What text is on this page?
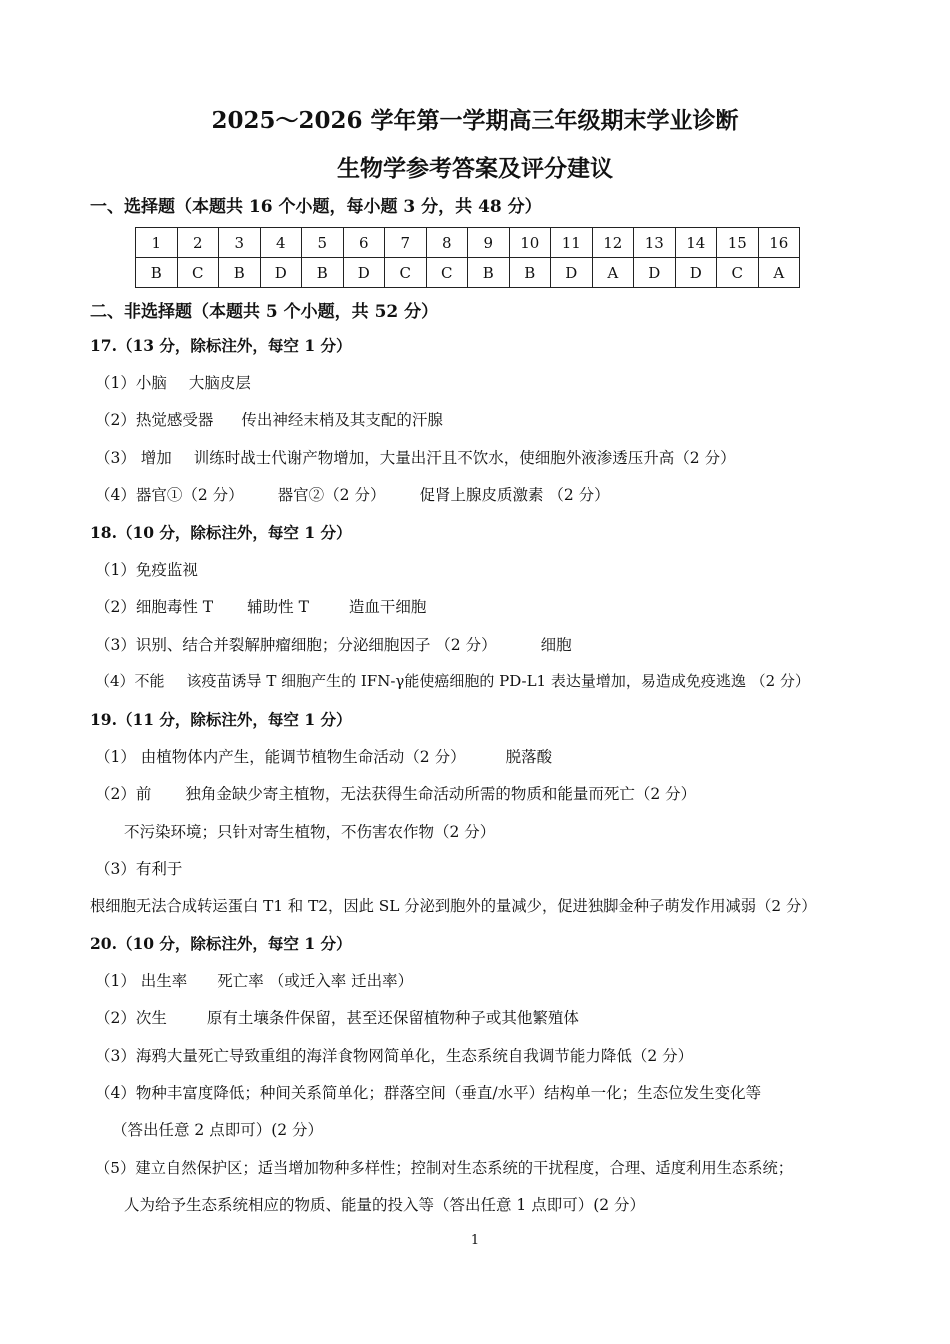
2025～2026 学年第一学期高三年级期末学业诊断
生物学参考答案及评分建议
一、选择题（本题共 16 个小题，每小题 3 分，共 48 分）
1	2	3	4	5	6	7	8	9	10	11	12	13	14	15	16
B	C	B	D	B	D	C	C	B	B	D	A	D	D	C	A
二、非选择题（本题共 5 个小题，共 52 分）
17.（13 分，除标注外，每空 1 分）
（1）小脑 大脑皮层
（2）热觉感受器 传出神经末梢及其支配的汗腺
（3） 增加 训练时战士代谢产物增加，大量出汗且不饮水，使细胞外液渗透压升高（2 分）
（4）器官①（2 分） 器官②（2 分） 促肾上腺皮质激素 （2 分）
18.（10 分，除标注外，每空 1 分）
（1）免疫监视
（2）细胞毒性 T 辅助性 T	造血干细胞
（3）识别、结合并裂解肿瘤细胞；分泌细胞因子 （2 分）	细胞
（4）不能 该疫苗诱导 T 细胞产生的 IFN-γ能使癌细胞的 PD-L1 表达量增加，易造成免疫逃逸 （2 分）
19.（11 分，除标注外，每空 1 分）
（1） 由植物体内产生，能调节植物生命活动（2 分）	脱落酸
（2）前 独角金缺少寄主植物，无法获得生命活动所需的物质和能量而死亡（2 分）
不污染环境；只针对寄生植物，不伤害农作物（2 分）
（3）有利于
根细胞无法合成转运蛋白 T1 和 T2，因此 SL 分泌到胞外的量减少，促进独脚金种子萌发作用减弱（2 分）
20.（10 分，除标注外，每空 1 分）
（1） 出生率 死亡率 （或迁入率 迁出率）
（2）次生	原有土壤条件保留，甚至还保留植物种子或其他繁殖体
（3）海鸦大量死亡导致重组的海洋食物网简单化，生态系统自我调节能力降低（2 分）
（4）物种丰富度降低；种间关系简单化；群落空间（垂直/水平）结构单一化；生态位发生变化等
（答出任意 2 点即可）(2 分）
（5）建立自然保护区；适当增加物种多样性；控制对生态系统的干扰程度，合理、适度利用生态系统；
人为给予生态系统相应的物质、能量的投入等（答出任意 1 点即可）(2 分）
1
